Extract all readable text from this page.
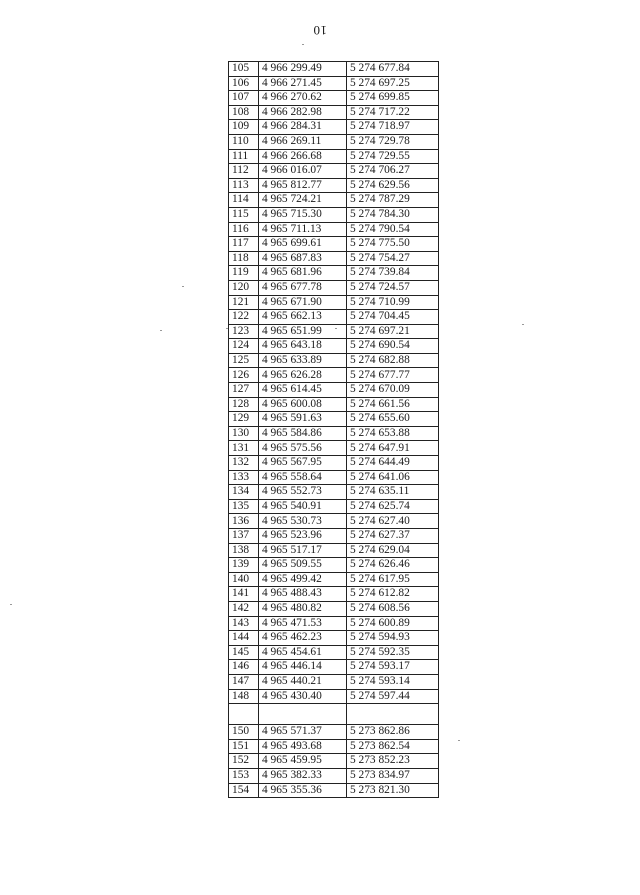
10
105	4 966 299.49	5 274 677.84
106	4 966 271.45	5 274 697.25
107	4 966 270.62	5 274 699.85
108	4 966 282.98	5 274 717.22
109	4 966 284.31	5 274 718.97
110	4 966 269.11	5 274 729.78
111	4 966 266.68	5 274 729.55
112	4 966 016.07	5 274 706.27
113	4 965 812.77	5 274 629.56
114	4 965 724.21	5 274 787.29
115	4 965 715.30	5 274 784.30
116	4 965 711.13	5 274 790.54
117	4 965 699.61	5 274 775.50
118	4 965 687.83	5 274 754.27
119	4 965 681.96	5 274 739.84
120	4 965 677.78	5 274 724.57
121	4 965 671.90	5 274 710.99
122	4 965 662.13	5 274 704.45
123	4 965 651.99	5 274 697.21
124	4 965 643.18	5 274 690.54
125	4 965 633.89	5 274 682.88
126	4 965 626.28	5 274 677.77
127	4 965 614.45	5 274 670.09
128	4 965 600.08	5 274 661.56
129	4 965 591.63	5 274 655.60
130	4 965 584.86	5 274 653.88
131	4 965 575.56	5 274 647.91
132	4 965 567.95	5 274 644.49
133	4 965 558.64	5 274 641.06
134	4 965 552.73	5 274 635.11
135	4 965 540.91	5 274 625.74
136	4 965 530.73	5 274 627.40
137	4 965 523.96	5 274 627.37
138	4 965 517.17	5 274 629.04
139	4 965 509.55	5 274 626.46
140	4 965 499.42	5 274 617.95
141	4 965 488.43	5 274 612.82
142	4 965 480.82	5 274 608.56
143	4 965 471.53	5 274 600.89
144	4 965 462.23	5 274 594.93
145	4 965 454.61	5 274 592.35
146	4 965 446.14	5 274 593.17
147	4 965 440.21	5 274 593.14
148	4 965 430.40	5 274 597.44

150	4 965 571.37	5 273 862.86
151	4 965 493.68	5 273 862.54
152	4 965 459.95	5 273 852.23
153	4 965 382.33	5 273 834.97
154	4 965 355.36	5 273 821.30
